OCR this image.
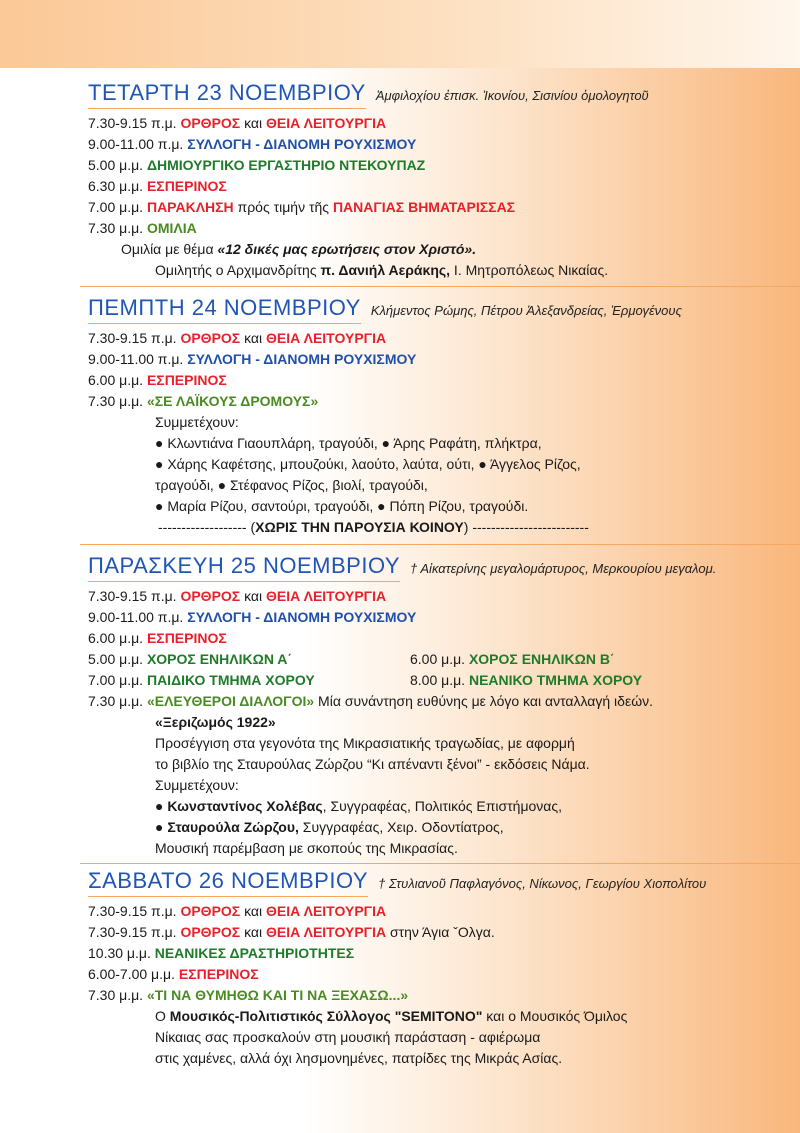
ΤΕΤΑΡΤΗ 23 ΝΟΕΜΒΡΙΟΥ Ἀμφιλοχίου ἐπισκ. Ἰκονίου, Σισινίου ὁμολογητοῦ
7.30-9.15 π.μ. ΟΡΘΡΟΣ και ΘΕΙΑ ΛΕΙΤΟΥΡΓΙΑ
9.00-11.00 π.μ. ΣΥΛΛΟΓΗ - ΔΙΑΝΟΜΗ ΡΟΥΧΙΣΜΟΥ
5.00 μ.μ. ΔΗΜΙΟΥΡΓΙΚΟ ΕΡΓΑΣΤΗΡΙΟ ΝΤΕΚΟΥΠΑΖ
6.30 μ.μ. ΕΣΠΕΡΙΝΟΣ
7.00 μ.μ. ΠΑΡΑΚΛΗΣΗ πρός τιμήν τῆς ΠΑΝΑΓΙΑΣ ΒΗΜΑΤΑΡΙΣΣΑΣ
7.30 μ.μ. ΟΜΙΛΙΑ
Ομιλία με θέμα «12 δικές μας ερωτήσεις στον Χριστό».
Ομιλητής ο Αρχιμανδρίτης π. Δανιήλ Αεράκης, Ι. Μητροπόλεως Νικαίας.
ΠΕΜΠΤΗ 24 ΝΟΕΜΒΡΙΟΥ Κλήμεντος Ρώμης, Πέτρου Ἀλεξανδρείας, Ἑρμογένους
7.30-9.15 π.μ. ΟΡΘΡΟΣ και ΘΕΙΑ ΛΕΙΤΟΥΡΓΙΑ
9.00-11.00 π.μ. ΣΥΛΛΟΓΗ - ΔΙΑΝΟΜΗ ΡΟΥΧΙΣΜΟΥ
6.00 μ.μ. ΕΣΠΕΡΙΝΟΣ
7.30 μ.μ. «ΣΕ ΛΑΪΚΟΥΣ ΔΡΟΜΟΥΣ»
Συμμετέχουν:
● Κλωντιάνα Γιαουπλάρη, τραγούδι, ● Άρης Ραφάτη, πλήκτρα,
● Χάρης Καφέτσης, μπουζούκι, λαούτο, λαύτα, ούτι, ● Άγγελος Ρίζος,
τραγούδι, ● Στέφανος Ρίζος, βιολί, τραγούδι,
● Μαρία Ρίζου, σαντούρι, τραγούδι, ● Πόπη Ρίζου, τραγούδι.
------------------- (ΧΩΡΙΣ ΤΗΝ ΠΑΡΟΥΣΙΑ ΚΟΙΝΟΥ) -------------------------
ΠΑΡΑΣΚΕΥΗ 25 ΝΟΕΜΒΡΙΟΥ † Αἰκατερίνης μεγαλομάρτυρος, Μερκουρίου μεγαλομ.
7.30-9.15 π.μ. ΟΡΘΡΟΣ και ΘΕΙΑ ΛΕΙΤΟΥΡΓΙΑ
9.00-11.00 π.μ. ΣΥΛΛΟΓΗ - ΔΙΑΝΟΜΗ ΡΟΥΧΙΣΜΟΥ
6.00 μ.μ. ΕΣΠΕΡΙΝΟΣ
5.00 μ.μ. ΧΟΡΟΣ ΕΝΗΛΙΚΩΝ Α΄	6.00 μ.μ. ΧΟΡΟΣ ΕΝΗΛΙΚΩΝ Β΄
7.00 μ.μ. ΠΑΙΔΙΚΟ ΤΜΗΜΑ ΧΟΡΟΥ	8.00 μ.μ. ΝΕΑΝΙΚΟ ΤΜΗΜΑ ΧΟΡΟΥ
7.30 μ.μ. «ΕΛΕΥΘΕΡΟΙ ΔΙΑΛΟΓΟΙ» Μία συνάντηση ευθύνης με λόγο και ανταλλαγή ιδεών.
«Ξεριζωμός 1922»
Προσέγγιση στα γεγονότα της Μικρασιατικής τραγωδίας, με αφορμή
το βιβλίο της Σταυρούλας Ζώρζου “Κι απέναντι ξένοι” - εκδόσεις Νάμα.
Συμμετέχουν:
● Κωνσταντίνος Χολέβας, Συγγραφέας, Πολιτικός Επιστήμονας,
● Σταυρούλα Ζώρζου, Συγγραφέας, Χειρ. Οδοντίατρος,
Μουσική παρέμβαση με σκοπούς της Μικρασίας.
ΣΑΒΒΑΤΟ 26 ΝΟΕΜΒΡΙΟΥ † Στυλιανοῦ Παφλαγόνος, Νίκωνος, Γεωργίου Χιοπολίτου
7.30-9.15 π.μ. ΟΡΘΡΟΣ και ΘΕΙΑ ΛΕΙΤΟΥΡΓΙΑ
7.30-9.15 π.μ. ΟΡΘΡΟΣ και ΘΕΙΑ ΛΕΙΤΟΥΡΓΙΑ στην Άγια ˇΟλγα.
10.30 μ.μ. ΝΕΑΝΙΚΕΣ ΔΡΑΣΤΗΡΙΟΤΗΤΕΣ
6.00-7.00 μ.μ. ΕΣΠΕΡΙΝΟΣ
7.30 μ.μ. «ΤΙ ΝΑ ΘΥΜΗΘΩ ΚΑΙ ΤΙ ΝΑ ΞΕΧΑΣΩ...»
Ο Μουσικός-Πολιτιστικός Σύλλογος "SEMITONO" και ο Μουσικός Όμιλος
Νίκαιας σας προσκαλούν στη μουσική παράσταση - αφιέρωμα
στις χαμένες, αλλά όχι λησμονημένες, πατρίδες της Μικράς Ασίας.
